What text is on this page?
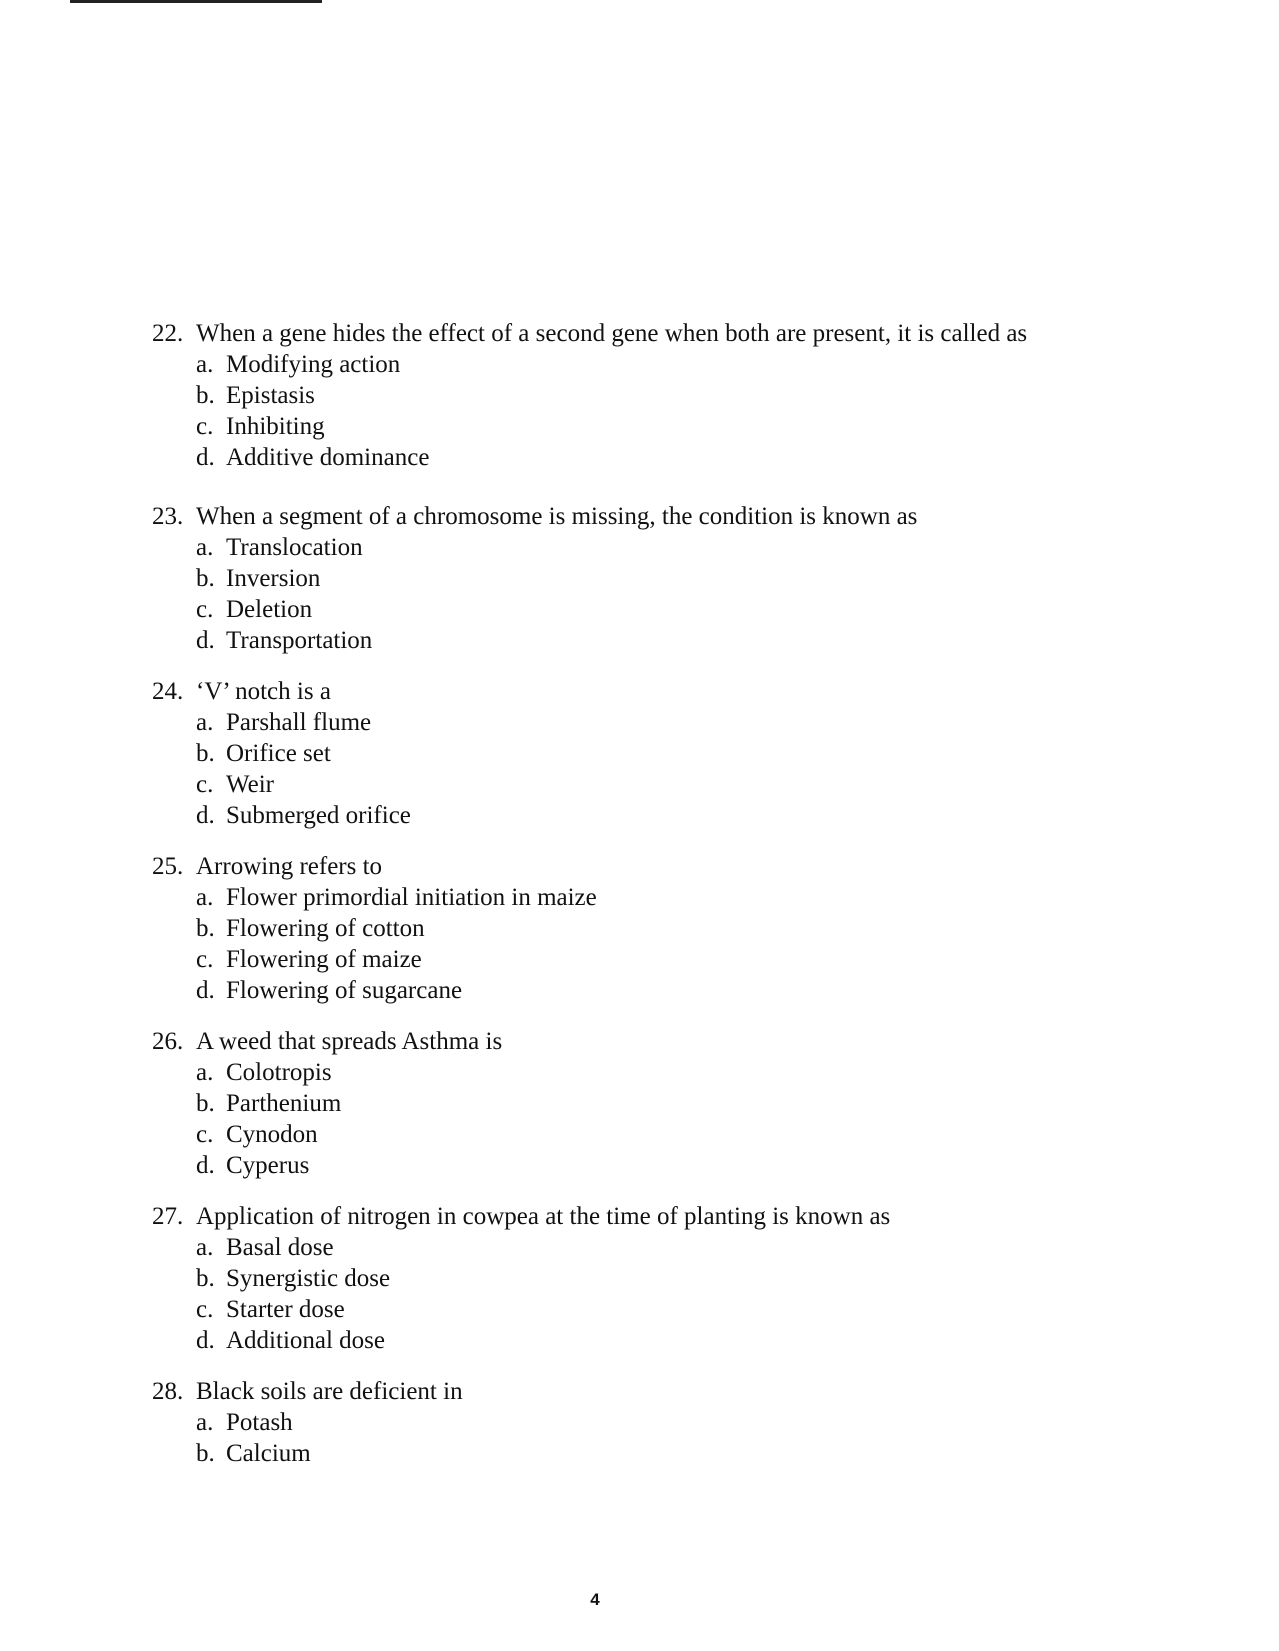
22. When a gene hides the effect of a second gene when both are present, it is called as
a. Modifying action
b. Epistasis
c. Inhibiting
d. Additive dominance
23. When a segment of a chromosome is missing, the condition is known as
a. Translocation
b. Inversion
c. Deletion
d. Transportation
24. ‘V’ notch is a
a. Parshall flume
b. Orifice set
c. Weir
d. Submerged orifice
25. Arrowing refers to
a. Flower primordial initiation in maize
b. Flowering of cotton
c. Flowering of maize
d. Flowering of sugarcane
26. A weed that spreads Asthma is
a. Colotropis
b. Parthenium
c. Cynodon
d. Cyperus
27. Application of nitrogen in cowpea at the time of planting is known as
a. Basal dose
b. Synergistic dose
c. Starter dose
d. Additional dose
28. Black soils are deficient in
a. Potash
b. Calcium
4
